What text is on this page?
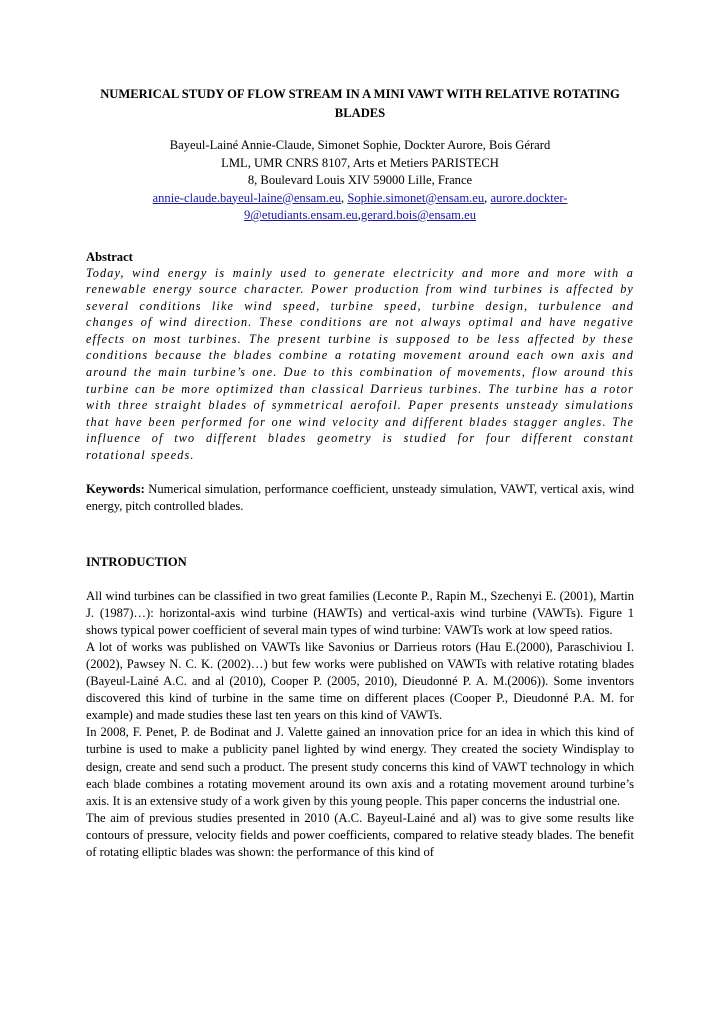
NUMERICAL STUDY OF FLOW STREAM IN A MINI VAWT WITH RELATIVE ROTATING BLADES
Bayeul-Lainé Annie-Claude, Simonet Sophie, Dockter Aurore, Bois Gérard
LML, UMR CNRS 8107, Arts et Metiers PARISTECH
8, Boulevard Louis XIV 59000 Lille, France
annie-claude.bayeul-laine@ensam.eu, Sophie.simonet@ensam.eu, aurore.dockter-
9@etudiants.ensam.eu,gerard.bois@ensam.eu
Abstract

Today, wind energy is mainly used to generate electricity and more and more with a renewable energy source character. Power production from wind turbines is affected by several conditions like wind speed, turbine speed, turbine design, turbulence and changes of wind direction. These conditions are not always optimal and have negative effects on most turbines. The present turbine is supposed to be less affected by these conditions because the blades combine a rotating movement around each own axis and around the main turbine’s one. Due to this combination of movements, flow around this turbine can be more optimized than classical Darrieus turbines. The turbine has a rotor with three straight blades of symmetrical aerofoil. Paper presents unsteady simulations that have been performed for one wind velocity and different blades stagger angles. The influence of two different blades geometry is studied for four different constant rotational speeds.

Keywords: Numerical simulation, performance coefficient, unsteady simulation, VAWT, vertical axis, wind energy, pitch controlled blades.
INTRODUCTION

All wind turbines can be classified in two great families (Leconte P., Rapin M., Szechenyi E. (2001), Martin J. (1987)…): horizontal-axis wind turbine (HAWTs) and vertical-axis wind turbine (VAWTs). Figure 1 shows typical power coefficient of several main types of wind turbine: VAWTs work at low speed ratios.

A lot of works was published on VAWTs like Savonius or Darrieus rotors (Hau E.(2000), Paraschiviou I. (2002), Pawsey N. C. K. (2002)…) but few works were published on VAWTs with relative rotating blades (Bayeul-Lainé A.C. and al (2010), Cooper P. (2005, 2010), Dieudonné P. A. M.(2006)). Some inventors discovered this kind of turbine in the same time on different places (Cooper P., Dieudonné P.A. M. for example) and made studies these last ten years on this kind of VAWTs.

In 2008, F. Penet, P. de Bodinat and J. Valette gained an innovation price for an idea in which this kind of turbine is used to make a publicity panel lighted by wind energy. They created the society Windisplay to design, create and send such a product. The present study concerns this kind of VAWT technology in which each blade combines a rotating movement around its own axis and a rotating movement around turbine’s axis. It is an extensive study of a work given by this young people. This paper concerns the industrial one.

The aim of previous studies presented in 2010 (A.C. Bayeul-Lainé and al) was to give some results like contours of pressure, velocity fields and power coefficients, compared to relative steady blades. The benefit of rotating elliptic blades was shown: the performance of this kind of
